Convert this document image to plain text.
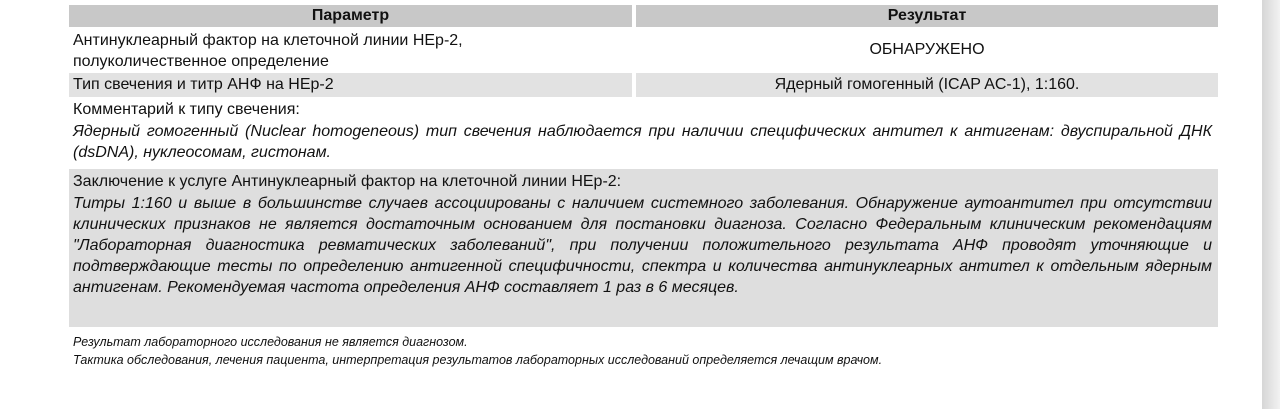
Параметр	Результат
Антинуклеарный фактор на клеточной линии НЕр-2,
полуколичественное определение
ОБНАРУЖЕНО
Тип свечения и титр АНФ на НЕр-2	Ядерный гомогенный (ICAP AC-1), 1:160.
Комментарий к типу свечения:
Ядерный гомогенный (Nuclear homogeneous) тип свечения наблюдается при наличии специфических антител к антигенам: двуспиральной ДНК (dsDNA), нуклеосомам, гистонам.
Заключение к услуге Антинуклеарный фактор на клеточной линии НЕр-2:
Титры 1:160 и выше в большинстве случаев ассоциированы с наличием системного заболевания. Обнаружение аутоантител при отсутствии клинических признаков не является достаточным основанием для постановки диагноза. Согласно Федеральным клиническим рекомендациям "Лабораторная диагностика ревматических заболеваний", при получении положительного результата АНФ проводят уточняющие и подтверждающие тесты по определению антигенной специфичности, спектра и количества антинуклеарных антител к отдельным ядерным антигенам. Рекомендуемая частота определения АНФ составляет 1 раз в 6 месяцев.
Результат лабораторного исследования не является диагнозом.
Тактика обследования, лечения пациента, интерпретация результатов лабораторных исследований определяется лечащим врачом.
